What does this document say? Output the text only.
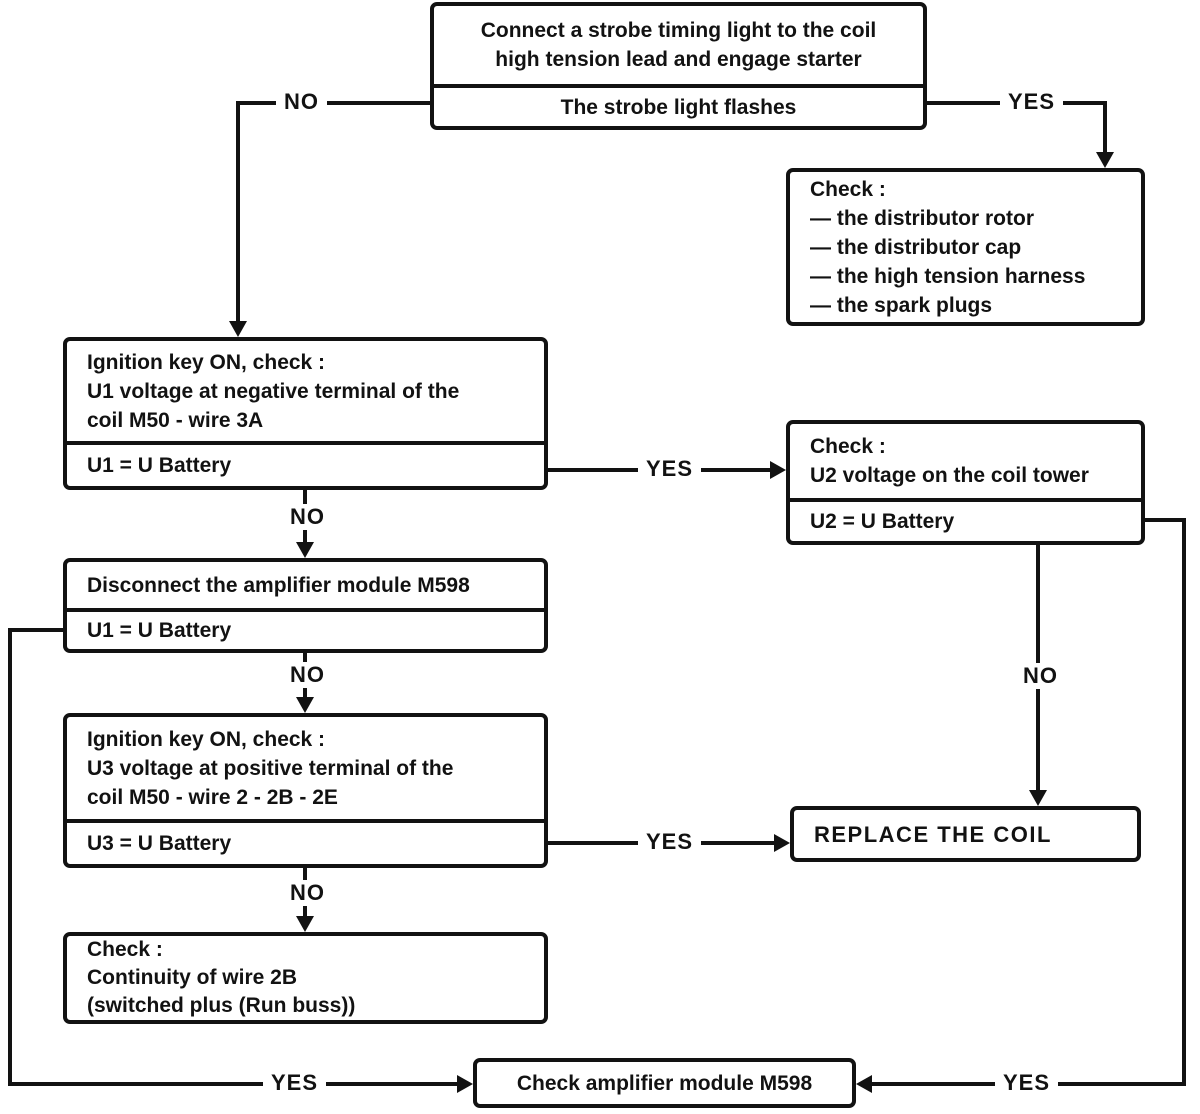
Connect a strobe timing light to the coil
high tension lead and engage starter
The strobe light flashes
Check :
— the distributor rotor
— the distributor cap
— the high tension harness
— the spark plugs
Ignition key ON, check :
U1 voltage at negative terminal of the
coil M50 - wire 3A
U1 = U Battery
Check :
U2 voltage on the coil tower
U2 = U Battery
Disconnect the amplifier module M598
U1 = U Battery
Ignition key ON, check :
U3 voltage at positive terminal of the
coil M50 - wire 2 - 2B - 2E
U3 = U Battery	REPLACE THE COIL
Check :
Continuity of wire 2B
(switched plus (Run buss))
Check amplifier module M598
NO	YES
YES
NO
NO
YES
YES
NO
NO
YES
